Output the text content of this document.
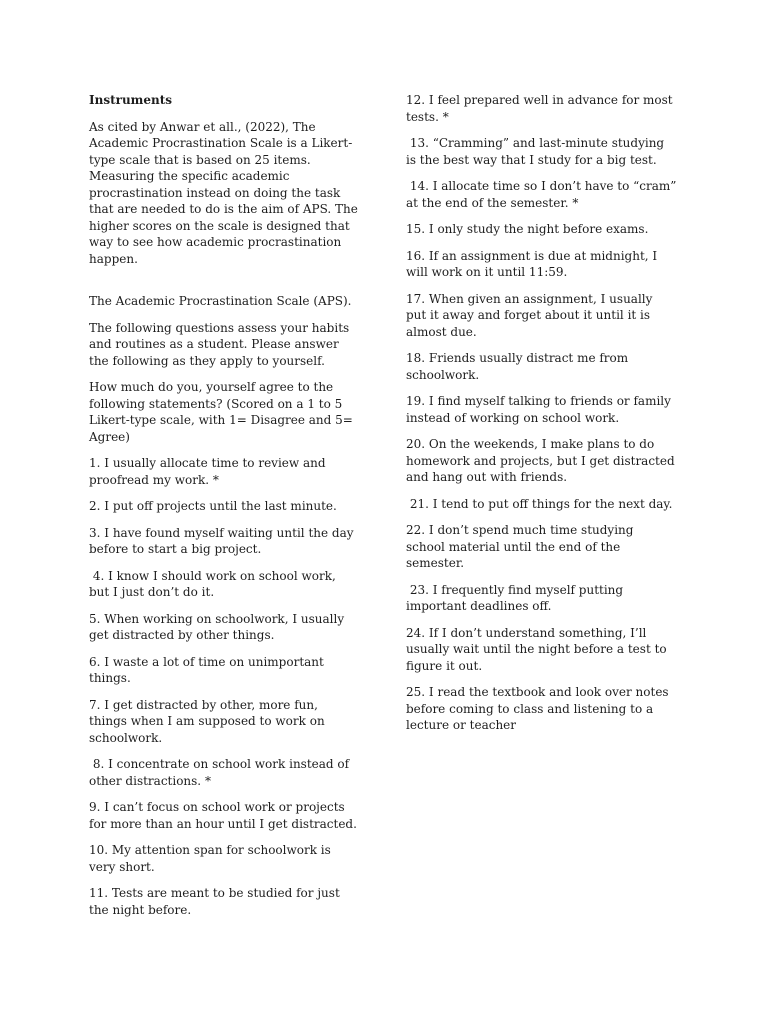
Instruments

As cited by Anwar et all., (2022), The
Academic Procrastination Scale is a Likert-
type scale that is based on 25 items.
Measuring the specific academic
procrastination instead on doing the task
that are needed to do is the aim of APS. The
higher scores on the scale is designed that
way to see how academic procrastination
happen.

The Academic Procrastination Scale (APS).

The following questions assess your habits
and routines as a student. Please answer
the following as they apply to yourself.

How much do you, yourself agree to the
following statements? (Scored on a 1 to 5
Likert-type scale, with 1= Disagree and 5=
Agree)

1. I usually allocate time to review and
proofread my work. *

2. I put off projects until the last minute.

3. I have found myself waiting until the day
before to start a big project.

4. I know I should work on school work,
but I just don’t do it.

5. When working on schoolwork, I usually
get distracted by other things.

6. I waste a lot of time on unimportant
things.

7. I get distracted by other, more fun,
things when I am supposed to work on
schoolwork.

8. I concentrate on school work instead of
other distractions. *

9. I can’t focus on school work or projects
for more than an hour until I get distracted.

10. My attention span for schoolwork is
very short.

11. Tests are meant to be studied for just
the night before.

12. I feel prepared well in advance for most
tests. *

13. “Cramming” and last-minute studying
is the best way that I study for a big test.

14. I allocate time so I don’t have to “cram”
at the end of the semester. *

15. I only study the night before exams.

16. If an assignment is due at midnight, I
will work on it until 11:59.

17. When given an assignment, I usually
put it away and forget about it until it is
almost due.

18. Friends usually distract me from
schoolwork.

19. I find myself talking to friends or family
instead of working on school work.

20. On the weekends, I make plans to do
homework and projects, but I get distracted
and hang out with friends.

21. I tend to put off things for the next day.

22. I don’t spend much time studying
school material until the end of the
semester.

23. I frequently find myself putting
important deadlines off.

24. If I don’t understand something, I’ll
usually wait until the night before a test to
figure it out.

25. I read the textbook and look over notes
before coming to class and listening to a
lecture or teacher
